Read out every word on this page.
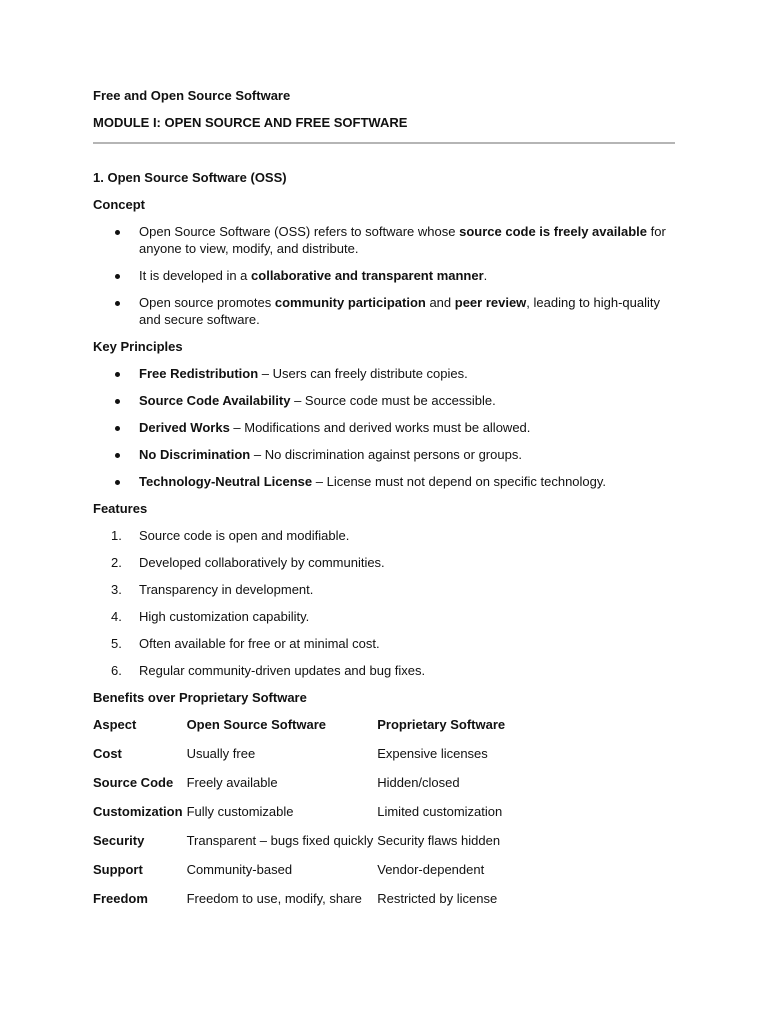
Free and Open Source Software
MODULE I: OPEN SOURCE AND FREE SOFTWARE
1. Open Source Software (OSS)
Concept
Open Source Software (OSS) refers to software whose source code is freely available for anyone to view, modify, and distribute.
It is developed in a collaborative and transparent manner.
Open source promotes community participation and peer review, leading to high-quality and secure software.
Key Principles
Free Redistribution – Users can freely distribute copies.
Source Code Availability – Source code must be accessible.
Derived Works – Modifications and derived works must be allowed.
No Discrimination – No discrimination against persons or groups.
Technology-Neutral License – License must not depend on specific technology.
Features
1. Source code is open and modifiable.
2. Developed collaboratively by communities.
3. Transparency in development.
4. High customization capability.
5. Often available for free or at minimal cost.
6. Regular community-driven updates and bug fixes.
Benefits over Proprietary Software
Aspect	Open Source Software	Proprietary Software
Cost	Usually free	Expensive licenses
Source Code	Freely available	Hidden/closed
Customization	Fully customizable	Limited customization
Security	Transparent – bugs fixed quickly	Security flaws hidden
Support	Community-based	Vendor-dependent
Freedom	Freedom to use, modify, share	Restricted by license
